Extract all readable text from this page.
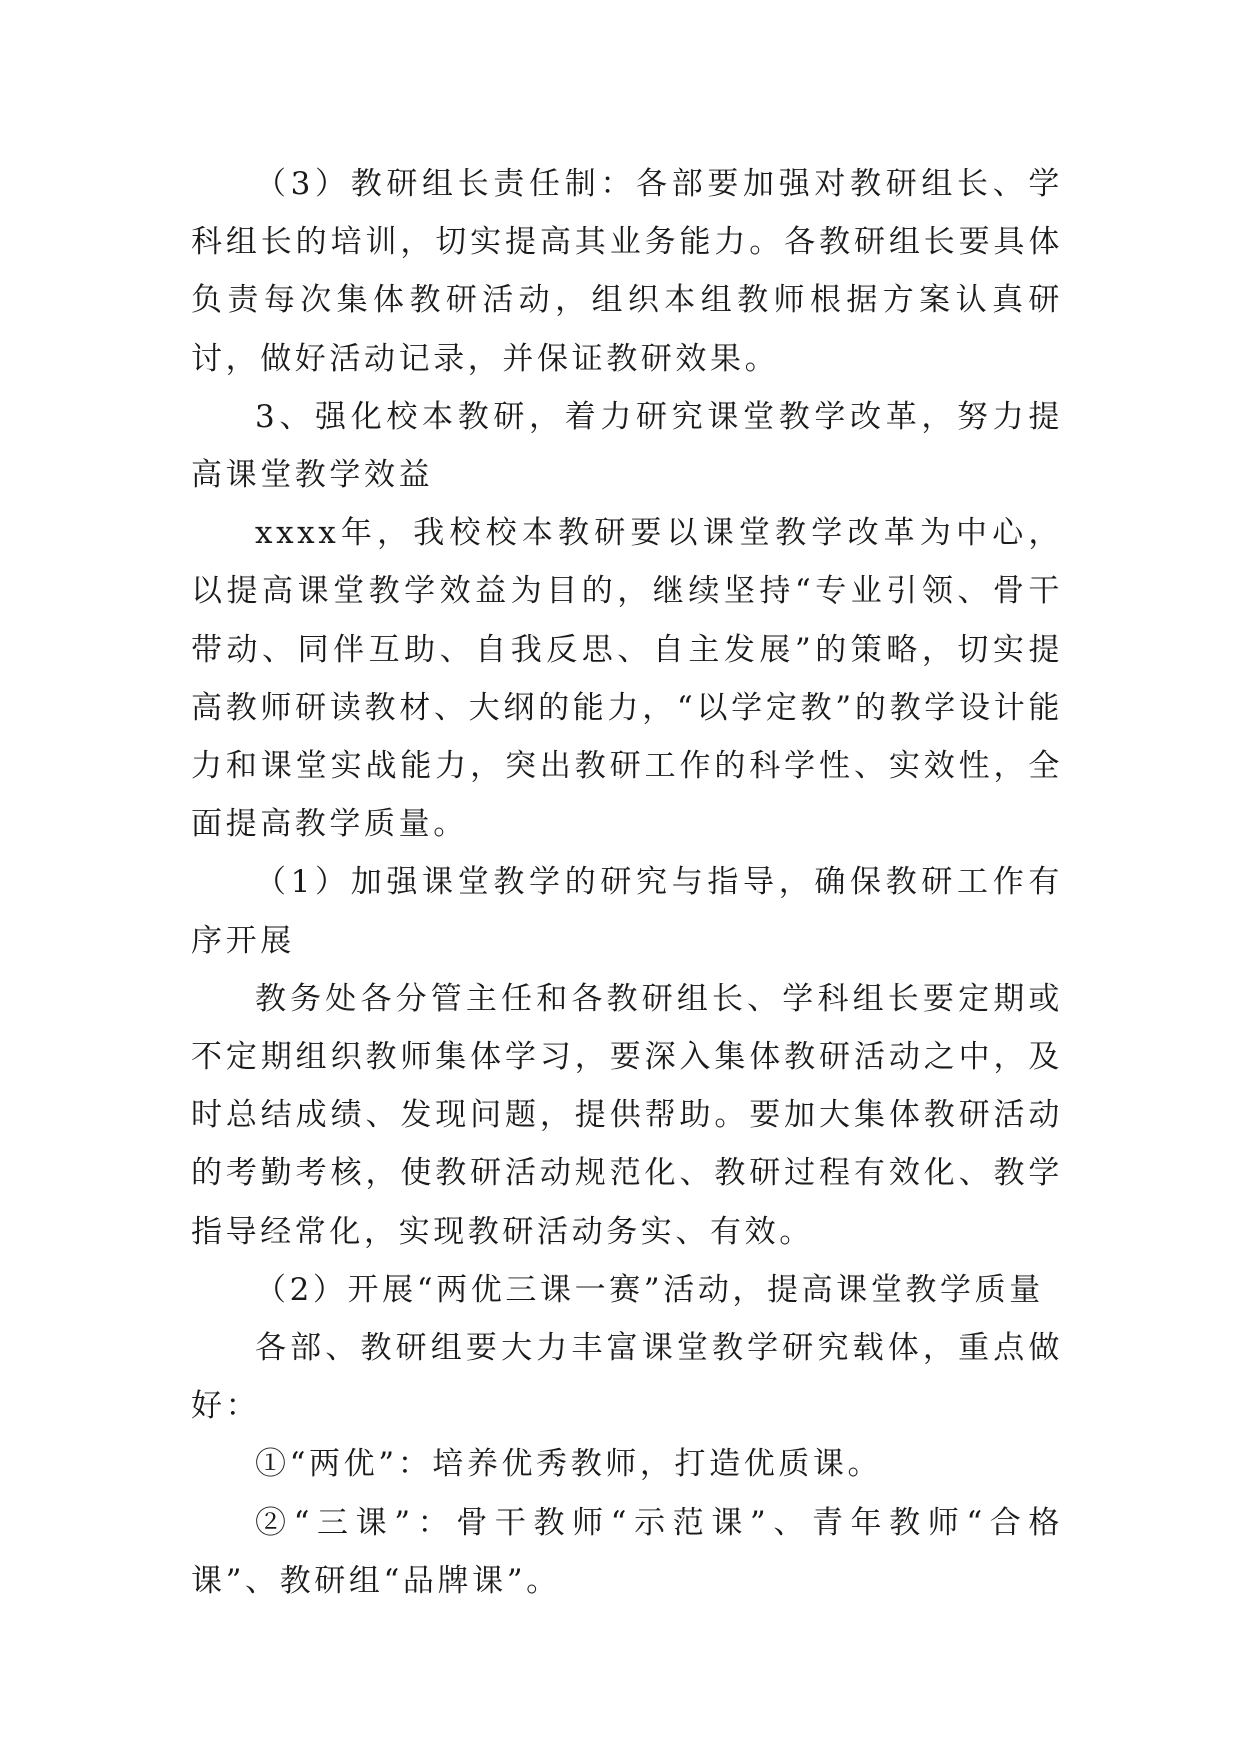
（3）教研组长责任制：各部要加强对教研组长、学科组长的培训，切实提高其业务能力。各教研组长要具体负责每次集体教研活动，组织本组教师根据方案认真研讨，做好活动记录，并保证教研效果。

3、强化校本教研，着力研究课堂教学改革，努力提高课堂教学效益

xxxx年，我校校本教研要以课堂教学改革为中心，以提高课堂教学效益为目的，继续坚持“专业引领、骨干带动、同伴互助、自我反思、自主发展”的策略，切实提高教师研读教材、大纲的能力，“以学定教”的教学设计能力和课堂实战能力，突出教研工作的科学性、实效性，全面提高教学质量。

（1）加强课堂教学的研究与指导，确保教研工作有序开展

教务处各分管主任和各教研组长、学科组长要定期或不定期组织教师集体学习，要深入集体教研活动之中，及时总结成绩、发现问题，提供帮助。要加大集体教研活动的考勤考核，使教研活动规范化、教研过程有效化、教学指导经常化，实现教研活动务实、有效。

（2）开展“两优三课一赛”活动，提高课堂教学质量

各部、教研组要大力丰富课堂教学研究载体，重点做好：

①“两优”：培养优秀教师，打造优质课。

②“三课”：骨干教师“示范课”、青年教师“合格课”、教研组“品牌课”。
